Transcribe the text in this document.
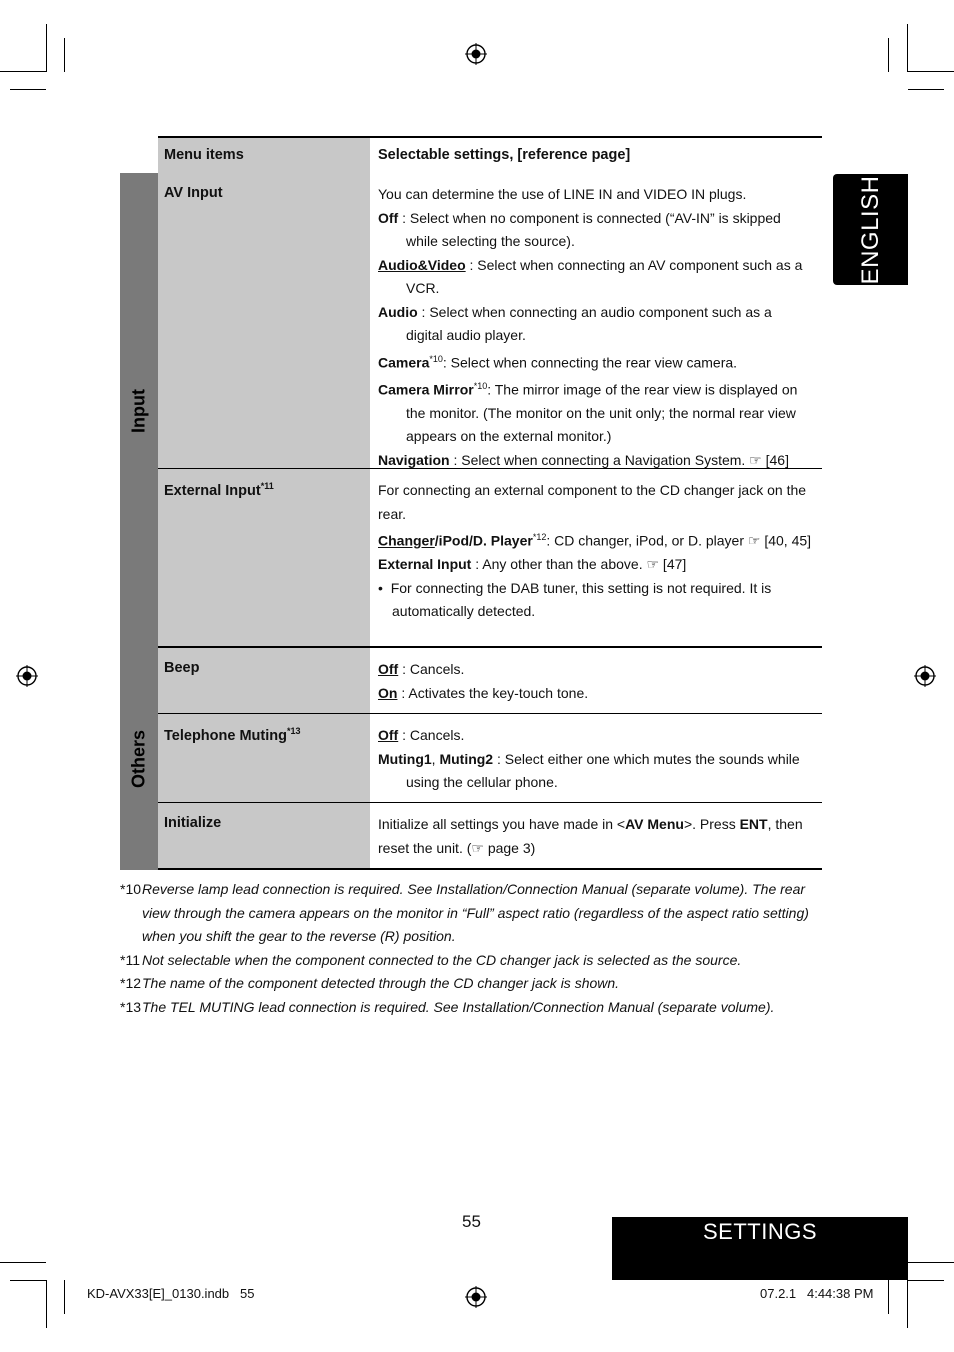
ENGLISH
SETTINGS
Menu items	Selectable settings, [reference page]
Input
AV Input	You can determine the use of LINE IN and VIDEO IN plugs.
Off : Select when no component is connected (“AV-IN” is skipped while selecting the source).
Audio&Video : Select when connecting an AV component such as a VCR.
Audio : Select when connecting an audio component such as a digital audio player.
Camera$^{*10}$: Select when connecting the rear view camera.
Camera Mirror$^{*10}$: The mirror image of the rear view is displayed on the monitor. (The monitor on the unit only; the normal rear view appears on the external monitor.)
Navigation : Select when connecting a Navigation System. ☞ [46]
External Input$^{*11}$	For connecting an external component to the CD changer jack on the rear.
Changer/iPod/D. Player$^{*12}$: CD changer, iPod, or D. player ☞ [40, 45]
External Input : Any other than the above. ☞ [47]
• For connecting the DAB tuner, this setting is not required. It is automatically detected.
Others
Beep	Off : Cancels.
On : Activates the key-touch tone.
Telephone Muting$^{*13}$	Off : Cancels.
Muting1, Muting2 : Select either one which mutes the sounds while using the cellular phone.
Initialize	Initialize all settings you have made in <AV Menu>. Press ENT, then reset the unit. (☞ page 3)
*10 Reverse lamp lead connection is required. See Installation/Connection Manual (separate volume). The rear view through the camera appears on the monitor in “Full” aspect ratio (regardless of the aspect ratio setting) when you shift the gear to the reverse (R) position.
*11 Not selectable when the component connected to the CD changer jack is selected as the source.
*12 The name of the component detected through the CD changer jack is shown.
*13 The TEL MUTING lead connection is required. See Installation/Connection Manual (separate volume).
55
KD-AVX33[E]_0130.indb   55	07.2.1   4:44:38 PM
